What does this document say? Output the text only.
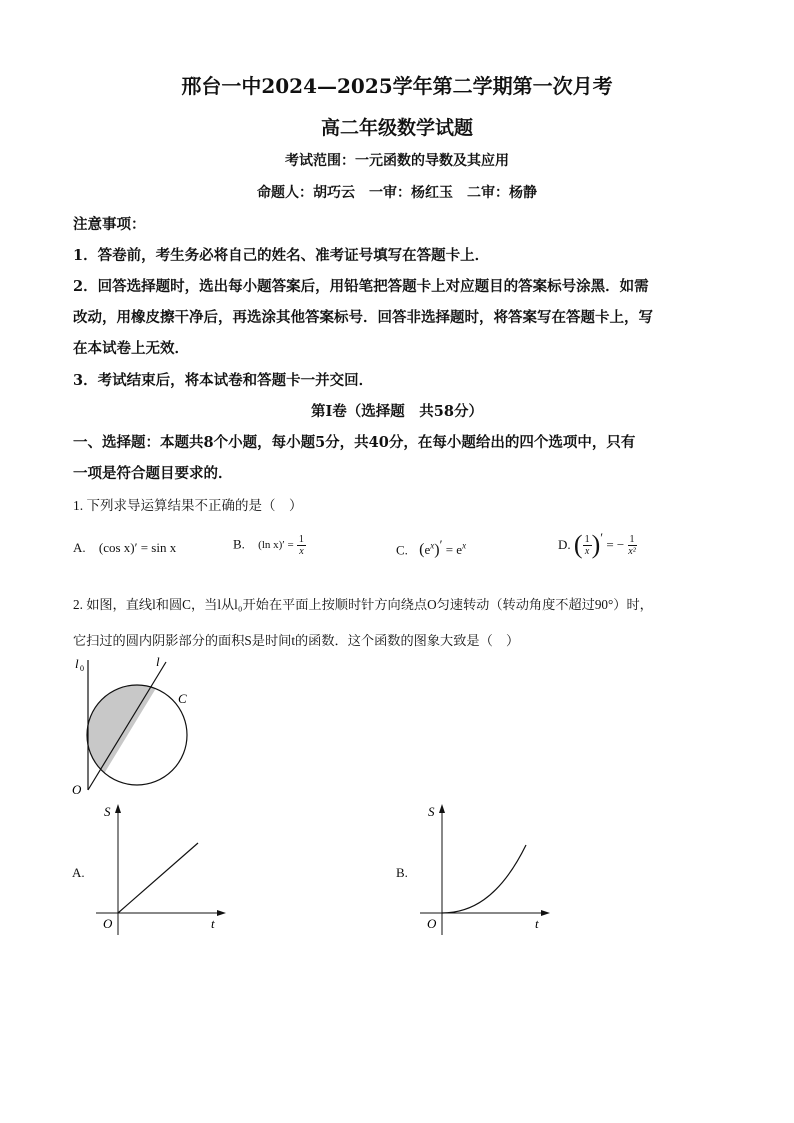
邢台一中2024—2025学年第二学期第一次月考
高二年级数学试题
考试范围：一元函数的导数及其应用
命题人：胡巧云　一审：杨红玉　二审：杨静
注意事项：
1．答卷前，考生务必将自己的姓名、准考证号填写在答题卡上．
2．回答选择题时，选出每小题答案后，用铅笔把答题卡上对应题目的答案标号涂黑．如需
改动，用橡皮擦干净后，再选涂其他答案标号．回答非选择题时，将答案写在答题卡上，写
在本试卷上无效．
3．考试结束后，将本试卷和答题卡一并交回．
第Ⅰ卷（选择题　共58分）
一、选择题：本题共8个小题，每小题5分，共40分，在每小题给出的四个选项中，只有
一项是符合题目要求的．
1. 下列求导运算结果不正确的是（　）
A. (cos x)′ = sin x	B. (ln $x)' = \frac{1}{x}$	C. $(e^x)' = e^x$	D. ( $\frac{1}{x} )'$ = − $\frac{1}{\text{x²}}$
2. 如图，直线l和圆C，当l从l₀开始在平面上按顺时针方向绕点O匀速转动（转动角度不超过90°）时，
它扫过的圆内阴影部分的面积S是时间t的函数．这个函数的图象大致是（　）
l 0	l
C
O
A.
S
t
O
B.
S
t
O
